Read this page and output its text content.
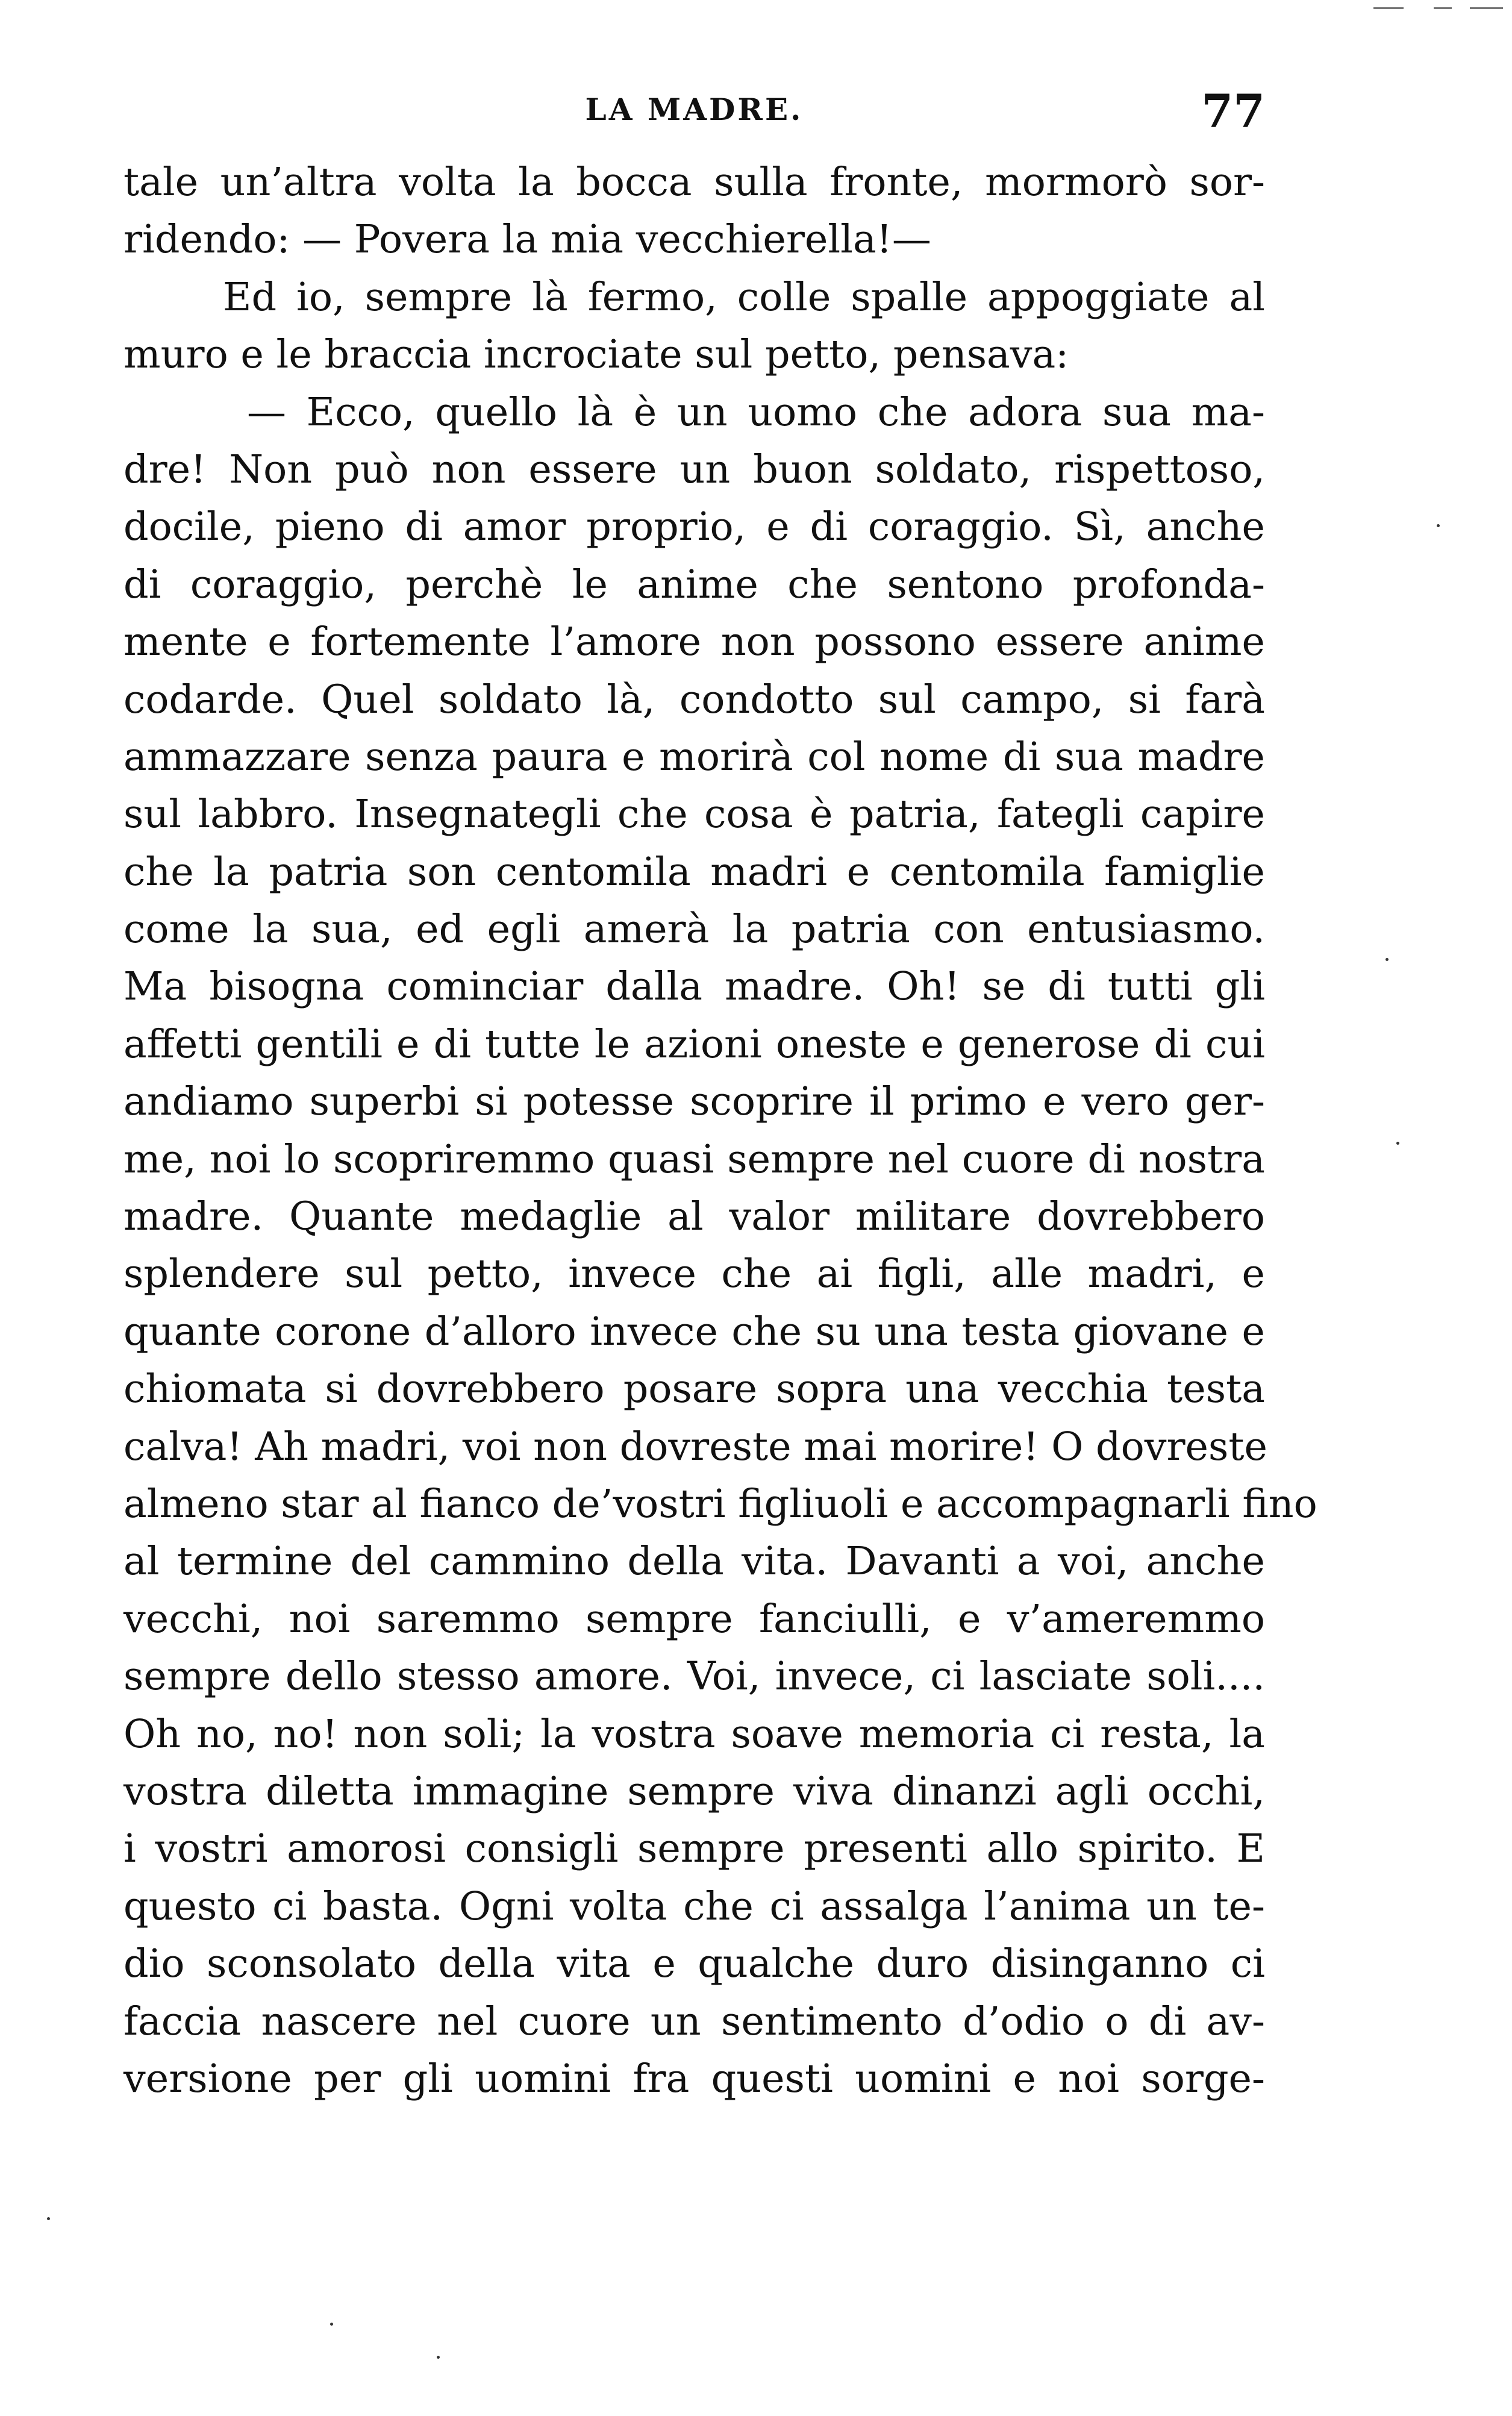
LA MADRE.	77
tale un’altra volta la bocca sulla fronte, mormorò sor-
ridendo: — Povera la mia vecchierella!—
Ed io, sempre là fermo, colle spalle appoggiate al
muro e le braccia incrociate sul petto, pensava:
— Ecco, quello là è un uomo che adora sua ma-
dre! Non può non essere un buon soldato, rispettoso,
docile, pieno di amor proprio, e di coraggio. Sì, anche
di coraggio, perchè le anime che sentono profonda-
mente e fortemente l’amore non possono essere anime
codarde. Quel soldato là, condotto sul campo, si farà
ammazzare senza paura e morirà col nome di sua madre
sul labbro. Insegnategli che cosa è patria, fategli capire
che la patria son centomila madri e centomila famiglie
come la sua, ed egli amerà la patria con entusiasmo.
Ma bisogna cominciar dalla madre. Oh! se di tutti gli
affetti gentili e di tutte le azioni oneste e generose di cui
andiamo superbi si potesse scoprire il primo e vero ger-
me, noi lo scopriremmo quasi sempre nel cuore di nostra
madre. Quante medaglie al valor militare dovrebbero
splendere sul petto, invece che ai figli, alle madri, e
quante corone d’alloro invece che su una testa giovane e
chiomata si dovrebbero posare sopra una vecchia testa
calva! Ah madri, voi non dovreste mai morire! O dovreste
almeno star al fianco de’vostri figliuoli e accompagnarli fino
al termine del cammino della vita. Davanti a voi, anche
vecchi, noi saremmo sempre fanciulli, e v’ameremmo
sempre dello stesso amore. Voi, invece, ci lasciate soli....
Oh no, no! non soli; la vostra soave memoria ci resta, la
vostra diletta immagine sempre viva dinanzi agli occhi,
i vostri amorosi consigli sempre presenti allo spirito. E
questo ci basta. Ogni volta che ci assalga l’anima un te-
dio sconsolato della vita e qualche duro disinganno ci
faccia nascere nel cuore un sentimento d’odio o di av-
versione per gli uomini fra questi uomini e noi sorge-
